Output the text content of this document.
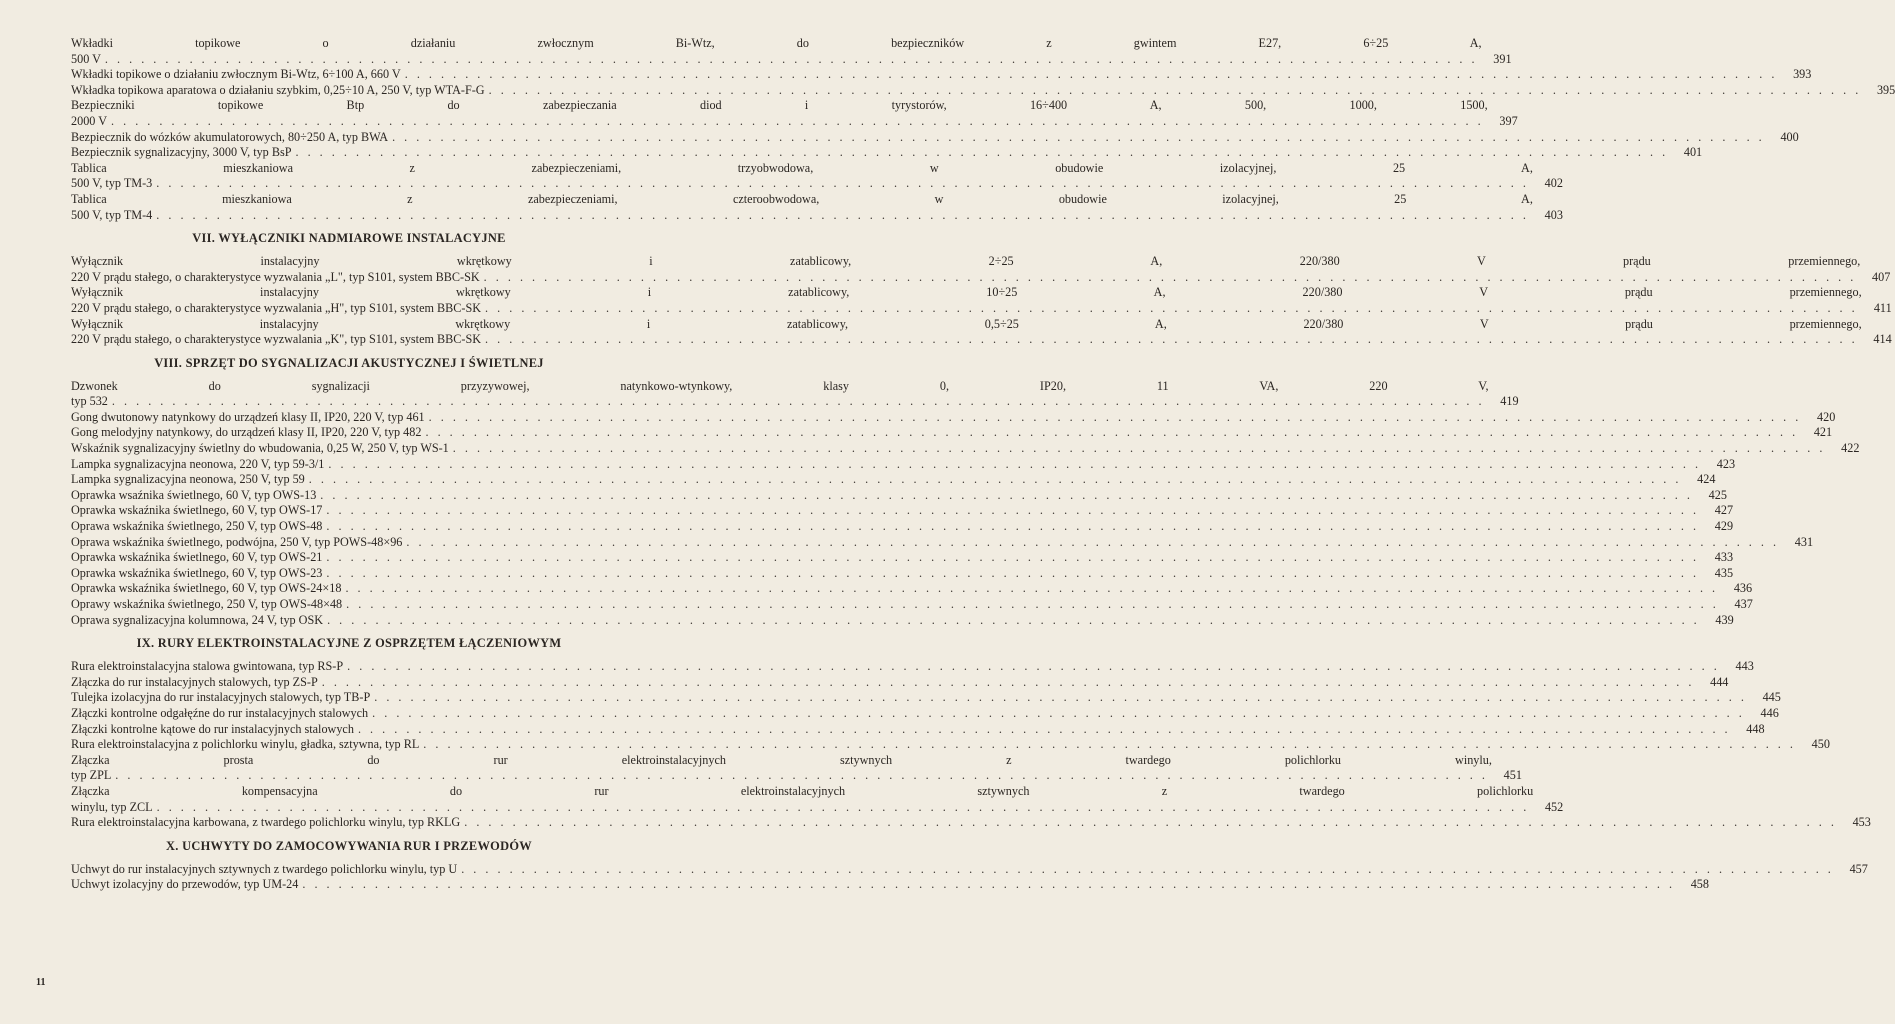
Wkładki topikowe o działaniu zwłocznym Bi-Wtz, do bezpieczników z gwintem E27, 6÷25 A,
500 V . . . . . . . . . . . . . . . . . . . . . . . . . . . . . . . . . . . . . . . . . . . . . . . . . . . . . . . . . . . . . . . . . . . . . . . . . . . . . . . . . . . . . . . . . . . . . . . . . . . . . . . . . . . . . . . . . .	391
Wkładki topikowe o działaniu zwłocznym Bi-Wtz, 6÷100 A, 660 V . . . . . . . . . . . . . . . . . . . . . . . . . . . . . . . . . . . . . . . . . . . . . . . . . . . . . . . . . . . . . . . . . . . . . . . . . . . . . . . . . . . . . . . . . . . . . . . . . . . . . . . . . . . . . . . . . .	393
Wkładka topikowa aparatowa o działaniu szybkim, 0,25÷10 A, 250 V, typ WTA-F-G . . . . . . . . . . . . . . . . . . . . . . . . . . . . . . . . . . . . . . . . . . . . . . . . . . . . . . . . . . . . . . . . . . . . . . . . . . . . . . . . . . . . . . . . . . . . . . . . . . . . . . . . . . . . . . . . . .	395
Bezpieczniki topikowe Btp do zabezpieczania diod i tyrystorów, 16÷400 A, 500, 1000, 1500,
2000 V . . . . . . . . . . . . . . . . . . . . . . . . . . . . . . . . . . . . . . . . . . . . . . . . . . . . . . . . . . . . . . . . . . . . . . . . . . . . . . . . . . . . . . . . . . . . . . . . . . . . . . . . . . . . . . . . . .	397
Bezpiecznik do wózków akumulatorowych, 80÷250 A, typ BWA . . . . . . . . . . . . . . . . . . . . . . . . . . . . . . . . . . . . . . . . . . . . . . . . . . . . . . . . . . . . . . . . . . . . . . . . . . . . . . . . . . . . . . . . . . . . . . . . . . . . . . . . . . . . . . . . . .	400
Bezpiecznik sygnalizacyjny, 3000 V, typ BsP . . . . . . . . . . . . . . . . . . . . . . . . . . . . . . . . . . . . . . . . . . . . . . . . . . . . . . . . . . . . . . . . . . . . . . . . . . . . . . . . . . . . . . . . . . . . . . . . . . . . . . . . . . . . . . . . . .	401
Tablica mieszkaniowa z zabezpieczeniami, trzyobwodowa, w obudowie izolacyjnej, 25 A,
500 V, typ TM-3 . . . . . . . . . . . . . . . . . . . . . . . . . . . . . . . . . . . . . . . . . . . . . . . . . . . . . . . . . . . . . . . . . . . . . . . . . . . . . . . . . . . . . . . . . . . . . . . . . . . . . . . . . . . . . . . . . .	402
Tablica mieszkaniowa z zabezpieczeniami, czteroobwodowa, w obudowie izolacyjnej, 25 A,
500 V, typ TM-4 . . . . . . . . . . . . . . . . . . . . . . . . . . . . . . . . . . . . . . . . . . . . . . . . . . . . . . . . . . . . . . . . . . . . . . . . . . . . . . . . . . . . . . . . . . . . . . . . . . . . . . . . . . . . . . . . . .	403
VII. WYŁĄCZNIKI NADMIAROWE INSTALACYJNE
Wyłącznik instalacyjny wkrętkowy i zatablicowy, 2÷25 A, 220/380 V prądu przemiennego,
220 V prądu stałego, o charakterystyce wyzwalania „L", typ S101, system BBC-SK . . . . . . . . . . . . . . . . . . . . . . . . . . . . . . . . . . . . . . . . . . . . . . . . . . . . . . . . . . . . . . . . . . . . . . . . . . . . . . . . . . . . . . . . . . . . . . . . . . . . . . . . . . . . . . . . . .	407
Wyłącznik instalacyjny wkrętkowy i zatablicowy, 10÷25 A, 220/380 V prądu przemiennego,
220 V prądu stałego, o charakterystyce wyzwalania „H", typ S101, system BBC-SK . . . . . . . . . . . . . . . . . . . . . . . . . . . . . . . . . . . . . . . . . . . . . . . . . . . . . . . . . . . . . . . . . . . . . . . . . . . . . . . . . . . . . . . . . . . . . . . . . . . . . . . . . . . . . . . . . .	411
Wyłącznik instalacyjny wkrętkowy i zatablicowy, 0,5÷25 A, 220/380 V prądu przemiennego,
220 V prądu stałego, o charakterystyce wyzwalania „K", typ S101, system BBC-SK . . . . . . . . . . . . . . . . . . . . . . . . . . . . . . . . . . . . . . . . . . . . . . . . . . . . . . . . . . . . . . . . . . . . . . . . . . . . . . . . . . . . . . . . . . . . . . . . . . . . . . . . . . . . . . . . . .	414
VIII. SPRZĘT DO SYGNALIZACJI AKUSTYCZNEJ I ŚWIETLNEJ
Dzwonek do sygnalizacji przyzywowej, natynkowo-wtynkowy, klasy 0, IP20, 11 VA, 220 V,
typ 532 . . . . . . . . . . . . . . . . . . . . . . . . . . . . . . . . . . . . . . . . . . . . . . . . . . . . . . . . . . . . . . . . . . . . . . . . . . . . . . . . . . . . . . . . . . . . . . . . . . . . . . . . . . . . . . . . . .	419
Gong dwutonowy natynkowy do urządzeń klasy II, IP20, 220 V, typ 461 . . . . . . . . . . . . . . . . . . . . . . . . . . . . . . . . . . . . . . . . . . . . . . . . . . . . . . . . . . . . . . . . . . . . . . . . . . . . . . . . . . . . . . . . . . . . . . . . . . . . . . . . . . . . . . . . . .	420
Gong melodyjny natynkowy, do urządzeń klasy II, IP20, 220 V, typ 482 . . . . . . . . . . . . . . . . . . . . . . . . . . . . . . . . . . . . . . . . . . . . . . . . . . . . . . . . . . . . . . . . . . . . . . . . . . . . . . . . . . . . . . . . . . . . . . . . . . . . . . . . . . . . . . . . . .	421
Wskaźnik sygnalizacyjny świetlny do wbudowania, 0,25 W, 250 V, typ WS-1 . . . . . . . . . . . . . . . . . . . . . . . . . . . . . . . . . . . . . . . . . . . . . . . . . . . . . . . . . . . . . . . . . . . . . . . . . . . . . . . . . . . . . . . . . . . . . . . . . . . . . . . . . . . . . . . . . .	422
Lampka sygnalizacyjna neonowa, 220 V, typ 59-3/1 . . . . . . . . . . . . . . . . . . . . . . . . . . . . . . . . . . . . . . . . . . . . . . . . . . . . . . . . . . . . . . . . . . . . . . . . . . . . . . . . . . . . . . . . . . . . . . . . . . . . . . . . . . . . . . . . . .	423
Lampka sygnalizacyjna neonowa, 250 V, typ 59 . . . . . . . . . . . . . . . . . . . . . . . . . . . . . . . . . . . . . . . . . . . . . . . . . . . . . . . . . . . . . . . . . . . . . . . . . . . . . . . . . . . . . . . . . . . . . . . . . . . . . . . . . . . . . . . . . .	424
Oprawka wsaźnika świetlnego, 60 V, typ OWS-13 . . . . . . . . . . . . . . . . . . . . . . . . . . . . . . . . . . . . . . . . . . . . . . . . . . . . . . . . . . . . . . . . . . . . . . . . . . . . . . . . . . . . . . . . . . . . . . . . . . . . . . . . . . . . . . . . . .	425
Oprawka wskaźnika świetlnego, 60 V, typ OWS-17 . . . . . . . . . . . . . . . . . . . . . . . . . . . . . . . . . . . . . . . . . . . . . . . . . . . . . . . . . . . . . . . . . . . . . . . . . . . . . . . . . . . . . . . . . . . . . . . . . . . . . . . . . . . . . . . . . .	427
Oprawa wskaźnika świetlnego, 250 V, typ OWS-48 . . . . . . . . . . . . . . . . . . . . . . . . . . . . . . . . . . . . . . . . . . . . . . . . . . . . . . . . . . . . . . . . . . . . . . . . . . . . . . . . . . . . . . . . . . . . . . . . . . . . . . . . . . . . . . . . . .	429
Oprawa wskaźnika świetlnego, podwójna, 250 V, typ POWS-48×96 . . . . . . . . . . . . . . . . . . . . . . . . . . . . . . . . . . . . . . . . . . . . . . . . . . . . . . . . . . . . . . . . . . . . . . . . . . . . . . . . . . . . . . . . . . . . . . . . . . . . . . . . . . . . . . . . . .	431
Oprawka wskaźnika świetlnego, 60 V, typ OWS-21 . . . . . . . . . . . . . . . . . . . . . . . . . . . . . . . . . . . . . . . . . . . . . . . . . . . . . . . . . . . . . . . . . . . . . . . . . . . . . . . . . . . . . . . . . . . . . . . . . . . . . . . . . . . . . . . . . .	433
Oprawka wskaźnika świetlnego, 60 V, typ OWS-23 . . . . . . . . . . . . . . . . . . . . . . . . . . . . . . . . . . . . . . . . . . . . . . . . . . . . . . . . . . . . . . . . . . . . . . . . . . . . . . . . . . . . . . . . . . . . . . . . . . . . . . . . . . . . . . . . . .	435
Oprawka wskaźnika świetlnego, 60 V, typ OWS-24×18 . . . . . . . . . . . . . . . . . . . . . . . . . . . . . . . . . . . . . . . . . . . . . . . . . . . . . . . . . . . . . . . . . . . . . . . . . . . . . . . . . . . . . . . . . . . . . . . . . . . . . . . . . . . . . . . . . .	436
Oprawy wskaźnika świetlnego, 250 V, typ OWS-48×48 . . . . . . . . . . . . . . . . . . . . . . . . . . . . . . . . . . . . . . . . . . . . . . . . . . . . . . . . . . . . . . . . . . . . . . . . . . . . . . . . . . . . . . . . . . . . . . . . . . . . . . . . . . . . . . . . . .	437
Oprawa sygnalizacyjna kolumnowa, 24 V, typ OSK . . . . . . . . . . . . . . . . . . . . . . . . . . . . . . . . . . . . . . . . . . . . . . . . . . . . . . . . . . . . . . . . . . . . . . . . . . . . . . . . . . . . . . . . . . . . . . . . . . . . . . . . . . . . . . . . . .	439
IX. RURY ELEKTROINSTALACYJNE Z OSPRZĘTEM ŁĄCZENIOWYM
Rura elektroinstalacyjna stalowa gwintowana, typ RS-P . . . . . . . . . . . . . . . . . . . . . . . . . . . . . . . . . . . . . . . . . . . . . . . . . . . . . . . . . . . . . . . . . . . . . . . . . . . . . . . . . . . . . . . . . . . . . . . . . . . . . . . . . . . . . . . . . .	443
Złączka do rur instalacyjnych stalowych, typ ZS-P . . . . . . . . . . . . . . . . . . . . . . . . . . . . . . . . . . . . . . . . . . . . . . . . . . . . . . . . . . . . . . . . . . . . . . . . . . . . . . . . . . . . . . . . . . . . . . . . . . . . . . . . . . . . . . . . . .	444
Tulejka izolacyjna do rur instalacyjnych stalowych, typ TB-P . . . . . . . . . . . . . . . . . . . . . . . . . . . . . . . . . . . . . . . . . . . . . . . . . . . . . . . . . . . . . . . . . . . . . . . . . . . . . . . . . . . . . . . . . . . . . . . . . . . . . . . . . . . . . . . . . .	445
Złączki kontrolne odgałęźne do rur instalacyjnych stalowych . . . . . . . . . . . . . . . . . . . . . . . . . . . . . . . . . . . . . . . . . . . . . . . . . . . . . . . . . . . . . . . . . . . . . . . . . . . . . . . . . . . . . . . . . . . . . . . . . . . . . . . . . . . . . . . . . .	446
Złączki kontrolne kątowe do rur instalacyjnych stalowych . . . . . . . . . . . . . . . . . . . . . . . . . . . . . . . . . . . . . . . . . . . . . . . . . . . . . . . . . . . . . . . . . . . . . . . . . . . . . . . . . . . . . . . . . . . . . . . . . . . . . . . . . . . . . . . . . .	448
Rura elektroinstalacyjna z polichlorku winylu, gładka, sztywna, typ RL . . . . . . . . . . . . . . . . . . . . . . . . . . . . . . . . . . . . . . . . . . . . . . . . . . . . . . . . . . . . . . . . . . . . . . . . . . . . . . . . . . . . . . . . . . . . . . . . . . . . . . . . . . . . . . . . . .	450
Złączka prosta do rur elektroinstalacyjnych sztywnych z twardego polichlorku winylu,
typ ZPL . . . . . . . . . . . . . . . . . . . . . . . . . . . . . . . . . . . . . . . . . . . . . . . . . . . . . . . . . . . . . . . . . . . . . . . . . . . . . . . . . . . . . . . . . . . . . . . . . . . . . . . . . . . . . . . . . .	451
Złączka kompensacyjna do rur elektroinstalacyjnych sztywnych z twardego polichlorku
winylu, typ ZCL . . . . . . . . . . . . . . . . . . . . . . . . . . . . . . . . . . . . . . . . . . . . . . . . . . . . . . . . . . . . . . . . . . . . . . . . . . . . . . . . . . . . . . . . . . . . . . . . . . . . . . . . . . . . . . . . . .	452
Rura elektroinstalacyjna karbowana, z twardego polichlorku winylu, typ RKLG . . . . . . . . . . . . . . . . . . . . . . . . . . . . . . . . . . . . . . . . . . . . . . . . . . . . . . . . . . . . . . . . . . . . . . . . . . . . . . . . . . . . . . . . . . . . . . . . . . . . . . . . . . . . . . . . . .	453
X. UCHWYTY DO ZAMOCOWYWANIA RUR I PRZEWODÓW
Uchwyt do rur instalacyjnych sztywnych z twardego polichlorku winylu, typ U . . . . . . . . . . . . . . . . . . . . . . . . . . . . . . . . . . . . . . . . . . . . . . . . . . . . . . . . . . . . . . . . . . . . . . . . . . . . . . . . . . . . . . . . . . . . . . . . . . . . . . . . . . . . . . . . . .	457
Uchwyt izolacyjny do przewodów, typ UM-24 . . . . . . . . . . . . . . . . . . . . . . . . . . . . . . . . . . . . . . . . . . . . . . . . . . . . . . . . . . . . . . . . . . . . . . . . . . . . . . . . . . . . . . . . . . . . . . . . . . . . . . . . . . . . . . . . . .	458
11
